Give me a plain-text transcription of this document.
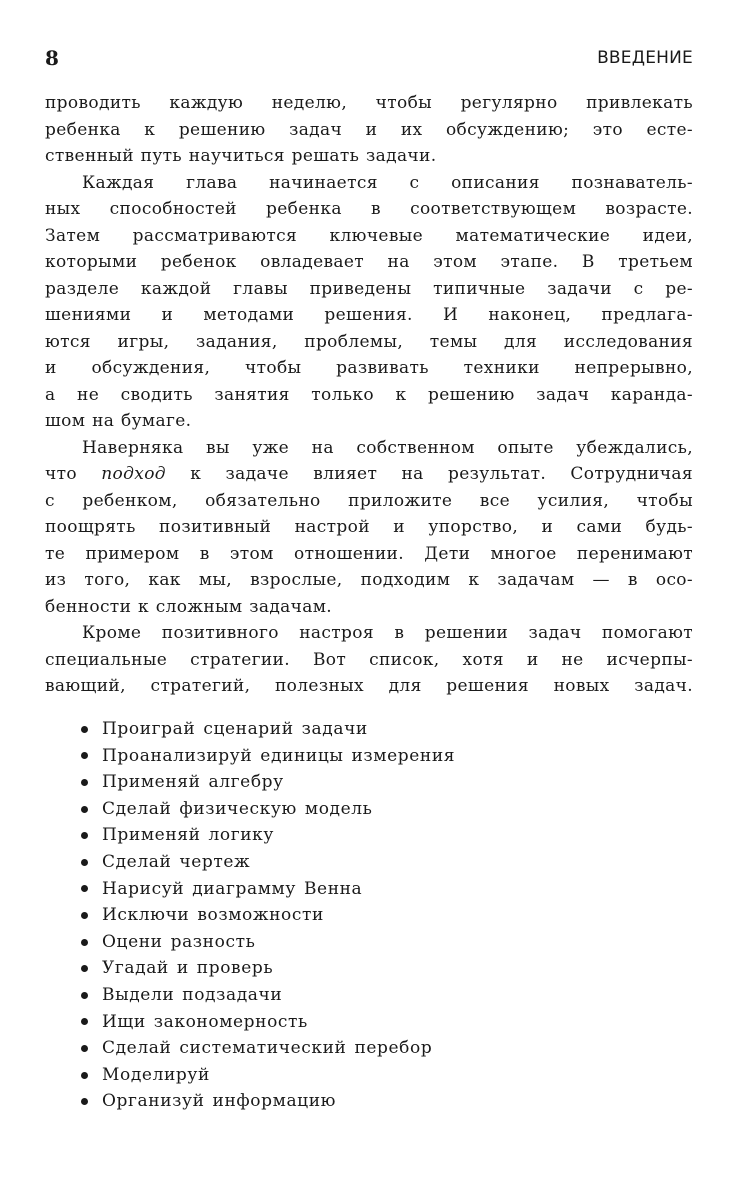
8	ВВЕДЕНИЕ
проводить каждую неделю, чтобы регулярно привлекать
ребенка к решению задач и их обсуждению; это есте-
ственный путь научиться решать задачи.
Каждая глава начинается с описания познаватель-
ных способностей ребенка в соответствующем возрасте.
Затем рассматриваются ключевые математические идеи,
которыми ребенок овладевает на этом этапе. В третьем
разделе каждой главы приведены типичные задачи с ре-
шениями и методами решения. И наконец, предлага-
ются игры, задания, проблемы, темы для исследования
и обсуждения, чтобы развивать техники непрерывно,
а не сводить занятия только к решению задач каранда-
шом на бумаге.
Наверняка вы уже на собственном опыте убеждались,
что подход к задаче влияет на результат. Сотрудничая
с ребенком, обязательно приложите все усилия, чтобы
поощрять позитивный настрой и упорство, и сами будь-
те примером в этом отношении. Дети многое перенимают
из того, как мы, взрослые, подходим к задачам — в осо-
бенности к сложным задачам.
Кроме позитивного настроя в решении задач помогают
специальные стратегии. Вот список, хотя и не исчерпы-
вающий, стратегий, полезных для решения новых задач.
Проиграй сценарий задачи
Проанализируй единицы измерения
Применяй алгебру
Сделай физическую модель
Применяй логику
Сделай чертеж
Нарисуй диаграмму Венна
Исключи возможности
Оцени разность
Угадай и проверь
Выдели подзадачи
Ищи закономерность
Сделай систематический перебор
Моделируй
Организуй информацию
